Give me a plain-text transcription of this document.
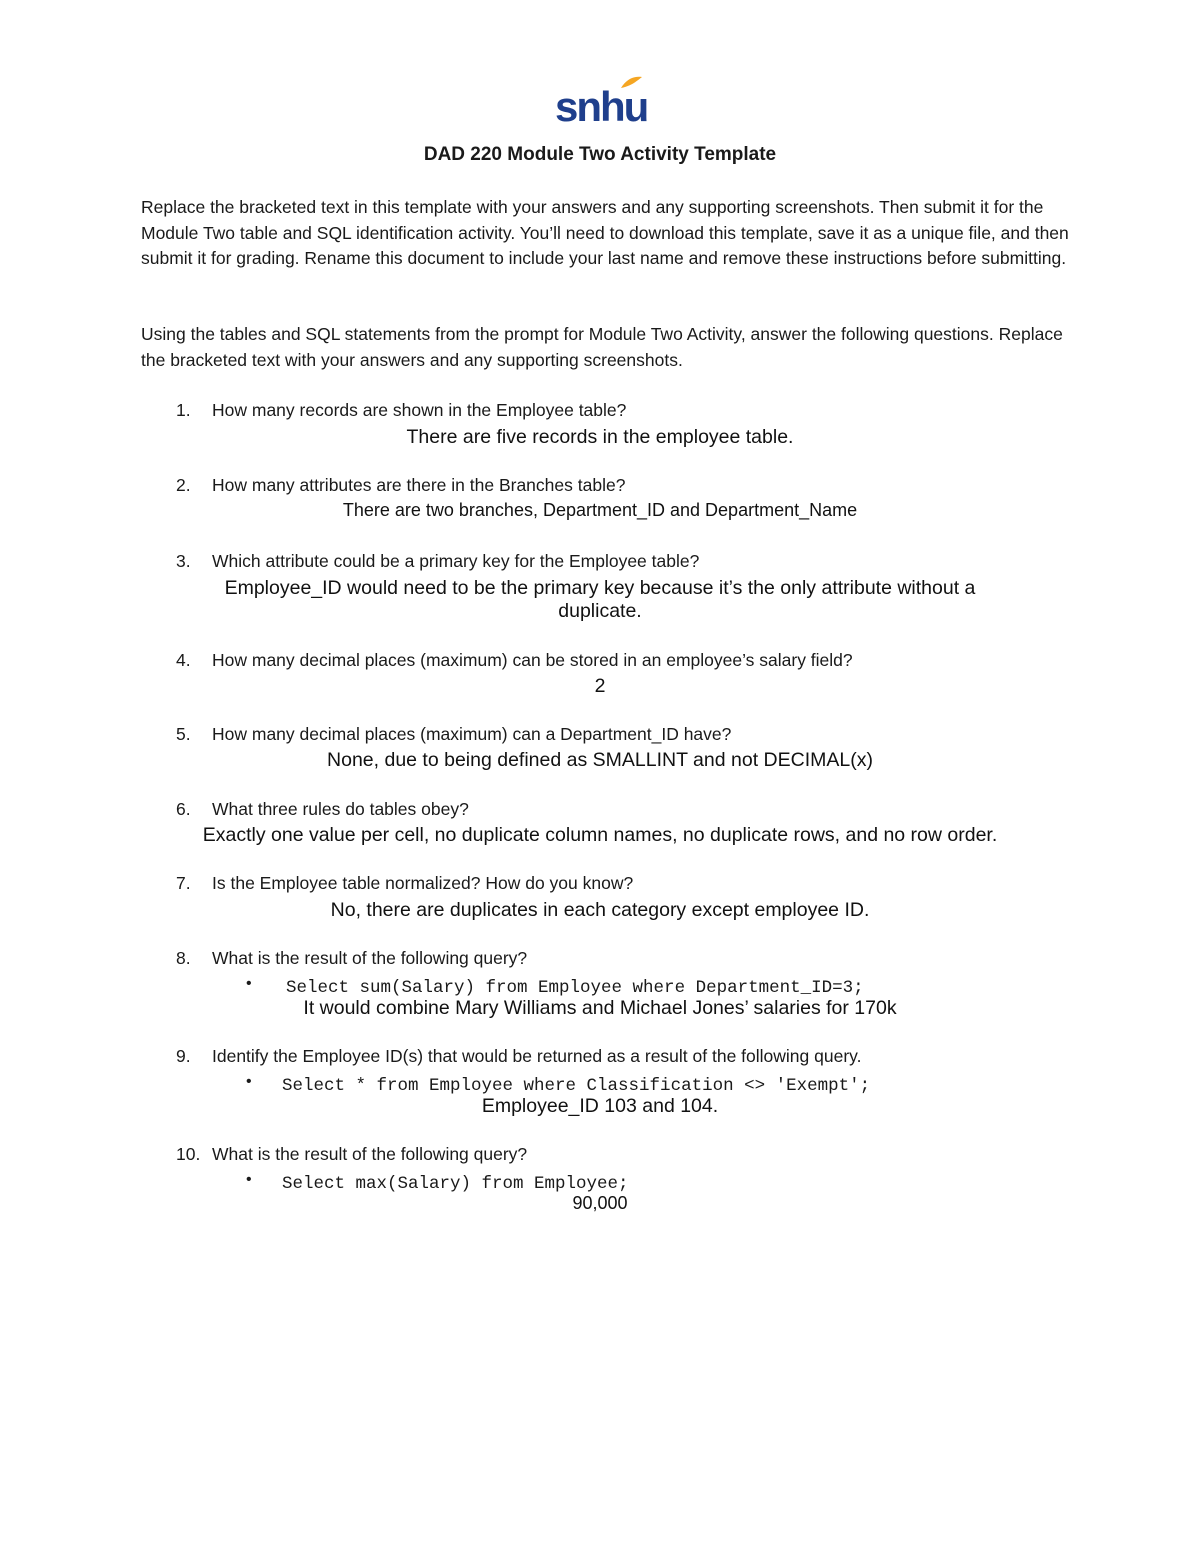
snhu
DAD 220 Module Two Activity Template

Replace the bracketed text in this template with your answers and any supporting screenshots. Then submit it for the Module Two table and SQL identification activity. You’ll need to download this template, save it as a unique file, and then submit it for grading. Rename this document to include your last name and remove these instructions before submitting.

Using the tables and SQL statements from the prompt for Module Two Activity, answer the following questions. Replace the bracketed text with your answers and any supporting screenshots.

1. How many records are shown in the Employee table?
There are five records in the employee table.
2. How many attributes are there in the Branches table?
There are two branches, Department_ID and Department_Name
3. Which attribute could be a primary key for the Employee table?
Employee_ID would need to be the primary key because it’s the only attribute without a
duplicate.
4. How many decimal places (maximum) can be stored in an employee’s salary field?
2
5. How many decimal places (maximum) can a Department_ID have?
None, due to being defined as SMALLINT and not DECIMAL(x)
6. What three rules do tables obey?
Exactly one value per cell, no duplicate column names, no duplicate rows, and no row order.
7. Is the Employee table normalized? How do you know?
No, there are duplicates in each category except employee ID.
8. What is the result of the following query?
• Select sum(Salary) from Employee where Department_ID=3;
It would combine Mary Williams and Michael Jones’ salaries for 170k
9. Identify the Employee ID(s) that would be returned as a result of the following query.
• Select * from Employee where Classification <> 'Exempt';
Employee_ID 103 and 104.
10. What is the result of the following query?
• Select max(Salary) from Employee;
90,000
